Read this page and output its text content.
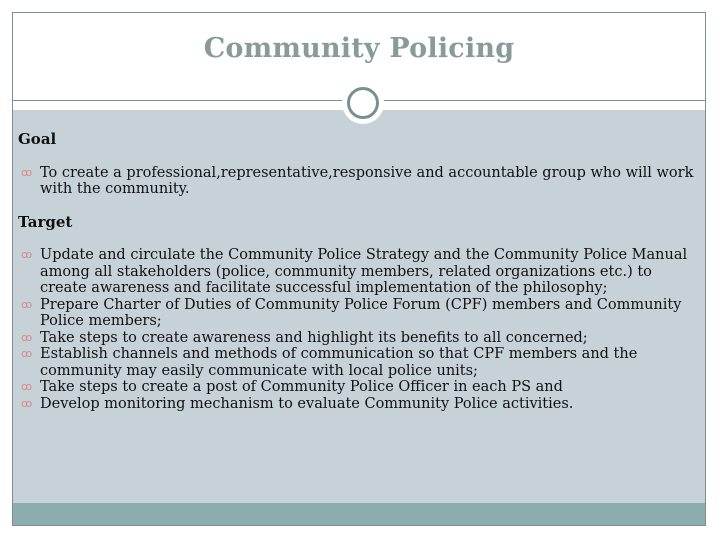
Community Policing

Goal

ꝏ To create a professional,representative,responsive and accountable group who will work with the community.

Target

ꝏ Update and circulate the Community Police Strategy and the Community Police Manual among all stakeholders (police, community members, related organizations etc.) to create awareness and facilitate successful implementation of the philosophy;
ꝏ Prepare Charter of Duties of Community Police Forum (CPF) members and Community Police members;
ꝏ Take steps to create awareness and highlight its benefits to all concerned;
ꝏ Establish channels and methods of communication so that CPF members and the community may easily communicate with local police units;
ꝏ Take steps to create a post of Community Police Officer in each PS and
ꝏ Develop monitoring mechanism to evaluate Community Police activities.
